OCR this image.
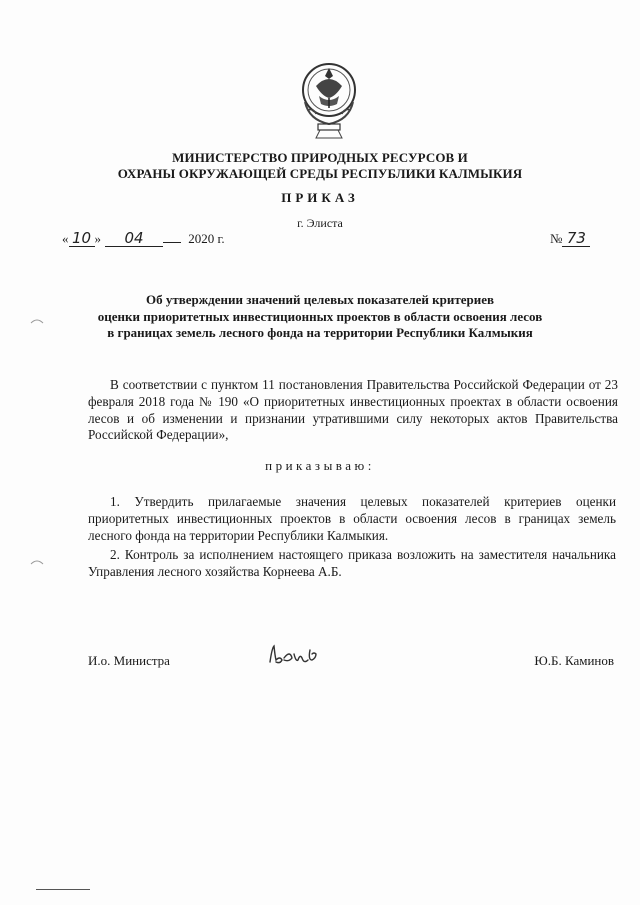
МИНИСТЕРСТВО ПРИРОДНЫХ РЕСУРСОВ И
ОХРАНЫ ОКРУЖАЮЩЕЙ СРЕДЫ РЕСПУБЛИКИ КАЛМЫКИЯ
ПРИКАЗ
г. Элиста
« 10 » 04	2020 г.	№ 73
Об утверждении значений целевых показателей критериев
оценки приоритетных инвестиционных проектов в области освоения лесов
в границах земель лесного фонда на территории Республики Калмыкия
В соответствии с пунктом 11 постановления Правительства Российской Федерации от 23 февраля 2018 года № 190 «О приоритетных инвестиционных проектах в области освоения лесов и об изменении и признании утратившими силу некоторых актов Правительства Российской Федерации»,
приказываю:
1. Утвердить прилагаемые значения целевых показателей критериев оценки приоритетных инвестиционных проектов в области освоения лесов в границах земель лесного фонда на территории Республики Калмыкия.
2. Контроль за исполнением настоящего приказа возложить на заместителя начальника Управления лесного хозяйства Корнеева А.Б.
И.о. Министра	Ю.Б. Каминов
